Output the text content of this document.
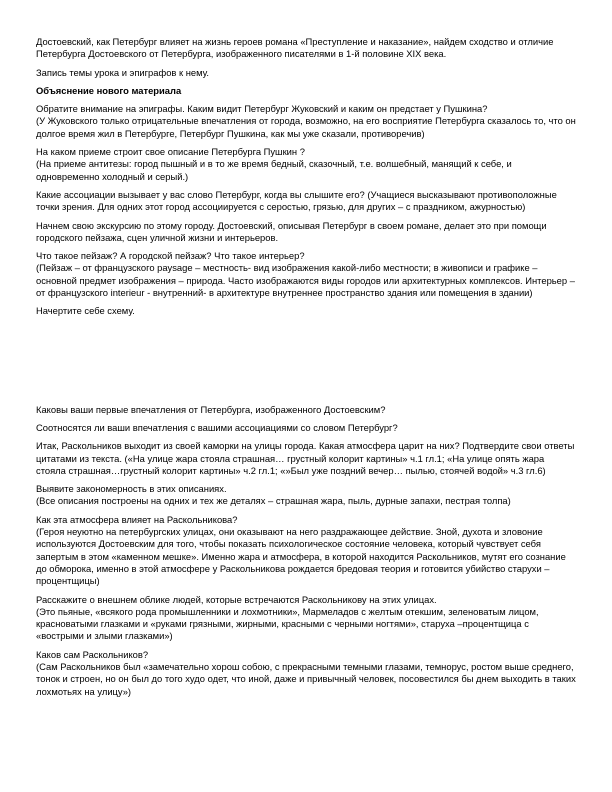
Достоевский, как Петербург влияет на жизнь героев романа «Преступление и наказание», найдем сходство и отличие Петербурга Достоевского от Петербурга, изображенного писателями в 1-й половине XIX века.
Запись темы урока и эпиграфов к нему.
Объяснение нового материала
Обратите внимание на эпиграфы. Каким видит Петербург Жуковский и каким он предстает у Пушкина?
(У Жуковского только отрицательные впечатления от города, возможно, на его восприятие Петербурга сказалось то, что он долгое время жил в Петербурге, Петербург Пушкина, как мы уже сказали, противоречив)
На каком приеме строит свое описание Петербурга Пушкин ?
(На приеме антитезы: город пышный и в то же время бедный, сказочный, т.е. волшебный, манящий к себе, и одновременно холодный и серый.)
Какие ассоциации вызывает у вас слово Петербург, когда вы слышите его? (Учащиеся высказывают противоположные точки зрения. Для одних этот город ассоциируется с серостью, грязью, для других – с праздником, ажурностью)
Начнем свою экскурсию по этому городу. Достоевский, описывая Петербург в своем романе, делает это при помощи городского пейзажа, сцен уличной жизни и интерьеров.
Что такое пейзаж? А городской пейзаж? Что такое интерьер?
(Пейзаж – от французского paysage – местность- вид изображения какой-либо местности; в живописи и графике – основной предмет изображения – природа. Часто изображаются виды городов или архитектурных комплексов. Интерьер – от французского interieur - внутренний- в архитектуре внутреннее пространство здания или помещения в здании)
Начертите себе схему.
Каковы ваши первые впечатления от Петербурга, изображенного Достоевским?
Соотносятся ли ваши впечатления с вашими ассоциациями со словом Петербург?
Итак, Раскольников выходит из своей каморки на улицы города. Какая атмосфера царит на них? Подтвердите свои ответы цитатами из текста. («На улице жара стояла страшная… грустный колорит картины» ч.1 гл.1; «На улице опять жара стояла страшная…грустный колорит картины» ч.2 гл.1; «»Был уже поздний вечер… пылью, стоячей водой» ч.3 гл.6)
Выявите закономерность в этих описаниях.
(Все описания построены на одних и тех же деталях – страшная жара, пыль, дурные запахи, пестрая толпа)
Как эта атмосфера влияет на Раскольникова?
(Героя неуютно на петербургских улицах, они оказывают на него раздражающее действие. Зной, духота и зловоние используются Достоевским для того, чтобы показать психологическое состояние человека, который чувствует себя запертым в этом «каменном мешке». Именно жара и атмосфера, в которой находится Раскольников, мутят его сознание до обморока, именно в этой атмосфере у Раскольникова рождается бредовая теория и готовится убийство старухи – процентщицы)
Расскажите о внешнем облике людей, которые встречаются Раскольникову на этих улицах.
(Это пьяные, «всякого рода промышленники и лохмотники», Мармеладов с желтым отекшим, зеленоватым лицом, красноватыми глазками и «руками грязными, жирными, красными с черными ногтями», старуха –процентщица с «вострыми и злыми глазками»)
Каков сам Раскольников?
(Сам Раскольников был «замечательно хорош собою, с прекрасными темными глазами, темнорус, ростом выше среднего, тонок и строен, но он был до того худо одет, что иной, даже и привычный человек, посовестился бы днем выходить в таких лохмотьях на улицу»)
